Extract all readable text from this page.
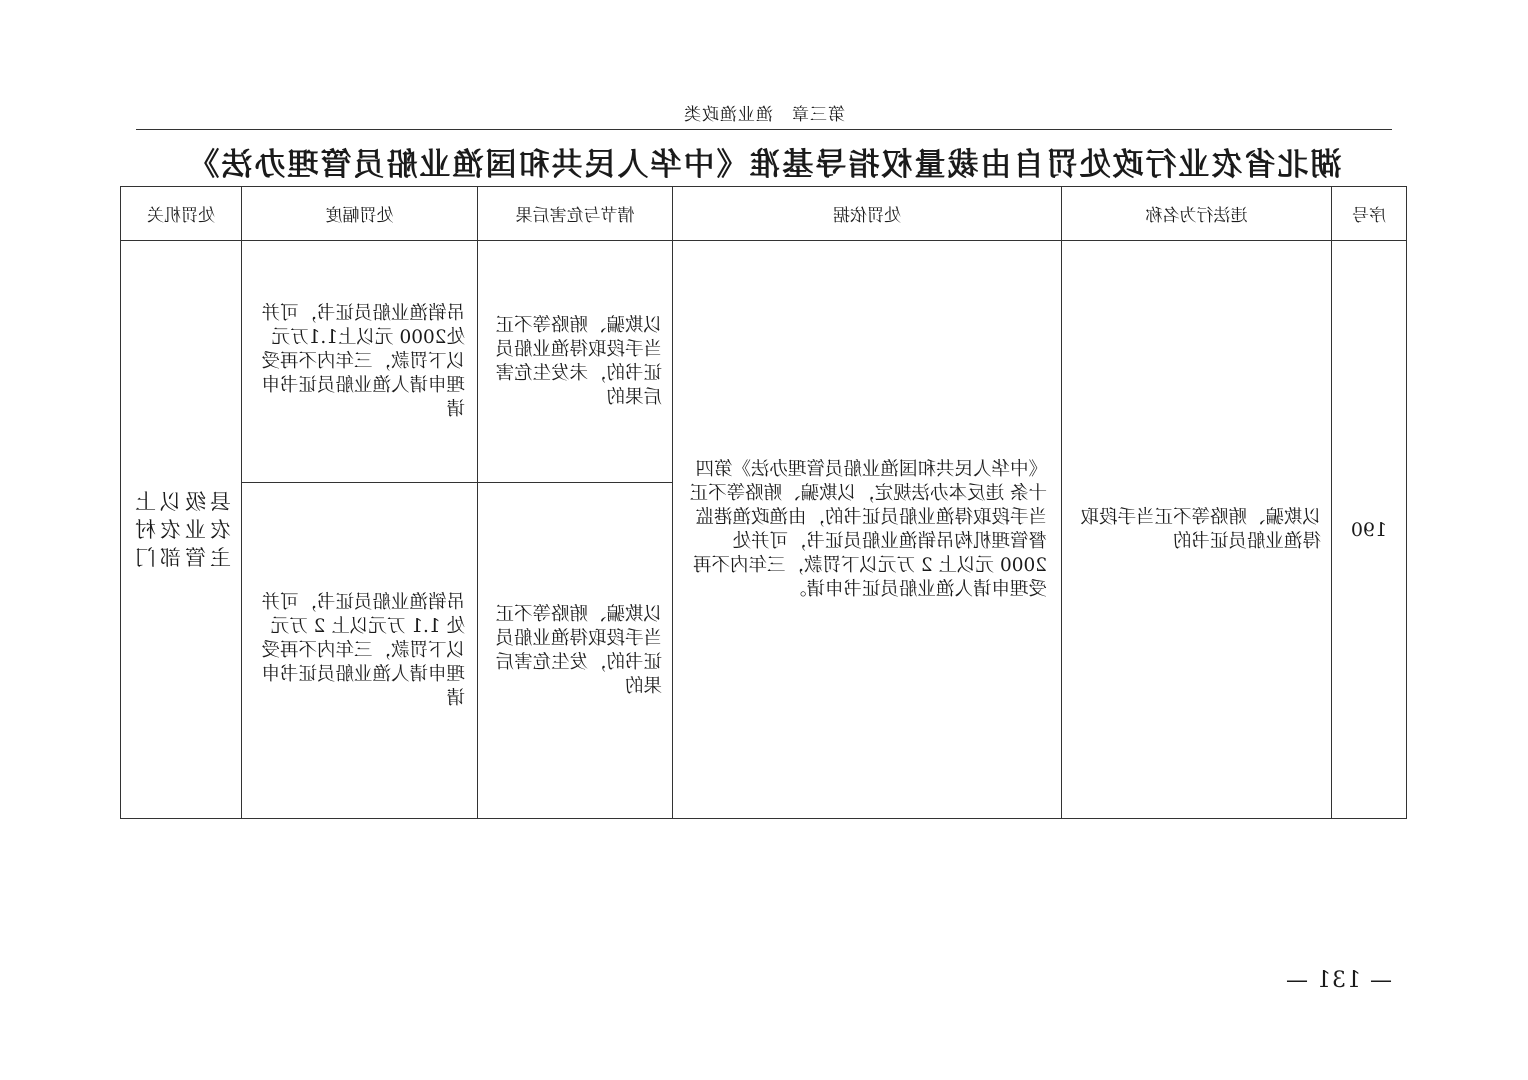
第三章渔业渔政类
湖北省农业行政处罚自由裁量权指导基准《中华人民共和国渔业船员管理办法》
序号	违法行为名称	处罚依据	情节与危害后果	处罚幅度	处罚机关
190	以欺骗、贿赂等不正当手段取得渔业船员证书的	《中华人民共和国渔业船员管理办法》第四十条 违反本办法规定，以欺骗、贿赂等不正当手段取得渔业船员证书的，由渔政渔港监督管理机构吊销渔业船员证书，可并处 2000 元以上 2 万元以下罚款，三年内不再受理申请人渔业船员证书申请。	以欺骗、贿赂等不正当手段取得渔业船员证书的，未发生危害后果的	吊销渔业船员证书，可并处2000 元以上1.1万元以下罚款，三年内不再受理申请人渔业船员证书申请	县级以上农业农村主管部门

			以欺骗、贿赂等不正当手段取得渔业船员证书的，发生危害后果的	吊销渔业船员证书，可并处 1.1 万元以上 2 万元以下罚款，三年内不再受理申请人渔业船员证书申请	
— 131 —
